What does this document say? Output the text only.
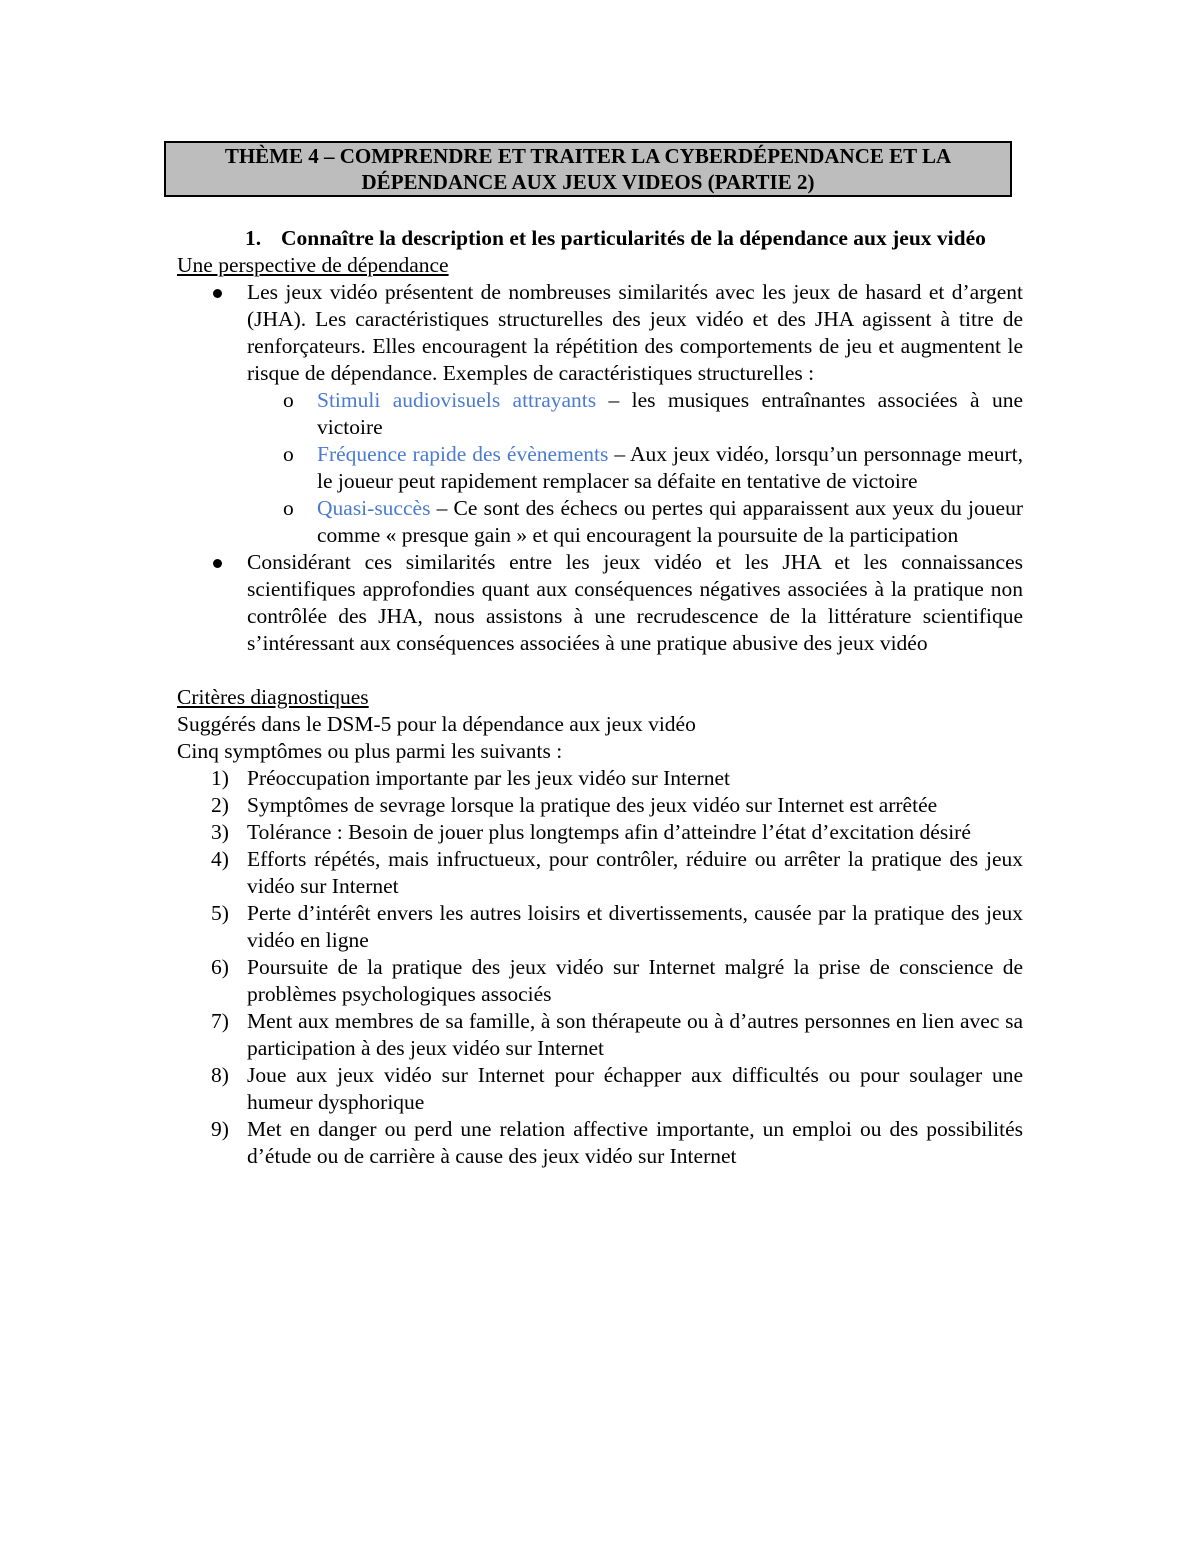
THÈME 4 – COMPRENDRE ET TRAITER LA CYBERDÉPENDANCE ET LA
DÉPENDANCE AUX JEUX VIDEOS (PARTIE 2)
1. Connaître la description et les particularités de la dépendance aux jeux vidéo
Une perspective de dépendance
Les jeux vidéo présentent de nombreuses similarités avec les jeux de hasard et d’argent (JHA). Les caractéristiques structurelles des jeux vidéo et des JHA agissent à titre de renforçateurs. Elles encouragent la répétition des comportements de jeu et augmentent le risque de dépendance. Exemples de caractéristiques structurelles :
o Stimuli audiovisuels attrayants – les musiques entraînantes associées à une victoire
o Fréquence rapide des évènements – Aux jeux vidéo, lorsqu’un personnage meurt, le joueur peut rapidement remplacer sa défaite en tentative de victoire
o Quasi-succès – Ce sont des échecs ou pertes qui apparaissent aux yeux du joueur comme « presque gain » et qui encouragent la poursuite de la participation
Considérant ces similarités entre les jeux vidéo et les JHA et les connaissances scientifiques approfondies quant aux conséquences négatives associées à la pratique non contrôlée des JHA, nous assistons à une recrudescence de la littérature scientifique s’intéressant aux conséquences associées à une pratique abusive des jeux vidéo
Critères diagnostiques
Suggérés dans le DSM-5 pour la dépendance aux jeux vidéo
Cinq symptômes ou plus parmi les suivants :
1) Préoccupation importante par les jeux vidéo sur Internet
2) Symptômes de sevrage lorsque la pratique des jeux vidéo sur Internet est arrêtée
3) Tolérance : Besoin de jouer plus longtemps afin d’atteindre l’état d’excitation désiré
4) Efforts répétés, mais infructueux, pour contrôler, réduire ou arrêter la pratique des jeux vidéo sur Internet
5) Perte d’intérêt envers les autres loisirs et divertissements, causée par la pratique des jeux vidéo en ligne
6) Poursuite de la pratique des jeux vidéo sur Internet malgré la prise de conscience de problèmes psychologiques associés
7) Ment aux membres de sa famille, à son thérapeute ou à d’autres personnes en lien avec sa participation à des jeux vidéo sur Internet
8) Joue aux jeux vidéo sur Internet pour échapper aux difficultés ou pour soulager une humeur dysphorique
9) Met en danger ou perd une relation affective importante, un emploi ou des possibilités d’étude ou de carrière à cause des jeux vidéo sur Internet
